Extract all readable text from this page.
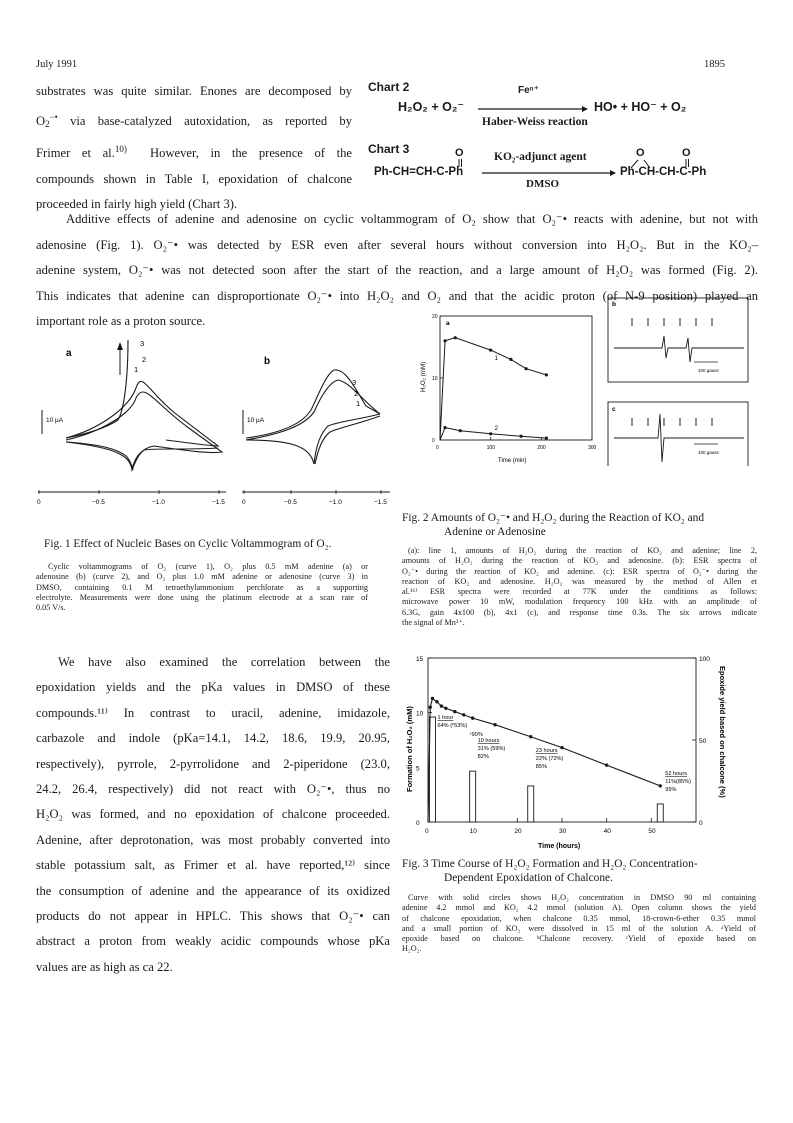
July 1991	1895
substrates was quite similar. Enones are decomposed by
$O_2^{-•}$ via base-catalyzed autoxidation, as reported by
Frimer et al.$^{10)}$ However, in the presence of the
compounds shown in Table I, epoxidation of chalcone
proceeded in fairly high yield (Chart 3).
Chart 2
H₂O₂ + O₂⁻
Feⁿ⁺
Haber-Weiss reaction
HO• + HO⁻ + O₂
Chart 3	O
Ph-CH=CH-C-Ph
KO₂-adjunct agent
DMSO
O	O
Ph-CH-CH-C-Ph
Additive effects of adenine and adenosine on cyclic voltammogram of O₂ show that O₂⁻• reacts with adenine, but not with
adenosine (Fig. 1). O₂⁻• was detected by ESR even after several hours without conversion into H₂O₂. But in the KO₂–
adenine system, O₂⁻• was not detected soon after the start of the reaction, and a large amount of H₂O₂ was formed (Fig. 2).
This indicates that adenine can disproportionate O₂⁻• into H₂O₂ and O₂ and that the acidic proton (of N-9 position) played an
important role as a proton source.
a
3
2
1
10 µA
0	−0.5	−1.0	−1.5
b
3
2
1
10 µA
0	−0.5	−1.0	−1.5
Fig. 1 Effect of Nucleic Bases on Cyclic Voltammogram of O₂.
Cyclic voltammograms of O₂ (curve 1), O₂ plus 0.5 mM adenine (a) or
adenosine (b) (curve 2), and O₂ plus 1.0 mM adenine or adenosine (curve 3) in
DMSO, containing 0.1 M tetraethylammonium perchlorate as a supporting
electrolyte. Measurements were done using the platinum electrode at a scan rate of
0.05 V/s.
a
H₂O₂ (mM)
Time (min)
0
10
20
0	100	200	300
1
2
b
100 gauss
c
100 gauss
Fig. 2 Amounts of O₂⁻• and H₂O₂ during the Reaction of KO₂ and
Adenine or Adenosine
(a): line 1, amounts of H₂O₂ during the reaction of KO₂ and adenine; line 2,
amounts of H₂O₂ during the reaction of KO₂ and adenosine. (b): ESR spectra of
O₂⁻• during the reaction of KO₂ and adenine. (c): ESR spectra of O₂⁻• during the
reaction of KO₂ and adenosine. H₂O₂ was measured by the method of Allen et
al.¹⁶⁾ ESR spectra were recorded at 77K under the conditions as follows:
microwave power 10 mW, modulation frequency 100 kHz with an amplitude of
6.3G, gain 4x100 (b), 4x1 (c), and response time 0.3s. The six arrows indicate
the signal of Mn²⁺.
We have also examined the correlation between the
epoxidation yields and the pKa values in DMSO of these
compounds.¹¹⁾ In contrast to uracil, adenine, imidazole,
carbazole and indole (pKa=14.1, 14.2, 18.6, 19.9, 20.95,
respectively), pyrrole, 2-pyrrolidone and 2-piperidone (23.0,
24.2, 26.4, respectively) did not react with O₂⁻•, thus no
H₂O₂ was formed, and no epoxidation of chalcone proceeded.
Adenine, after deprotonation, was most probably converted into
stable potassium salt, as Frimer et al. have reported,¹²⁾ since
the consumption of adenine and the appearance of its oxidized
products do not appear in HPLC. This shows that O₂⁻• can
abstract a proton from weakly acidic compounds whose pKa
values are as high as ca 22.
Formation of H₂O₂ (mM)	Epoxide yield based on chalcone (%)
Time (hours)
0
5
10
15
0
50
100
0	10	20	30	40	50
1 hour
64% (ᵇ53%)
10 hours
31% (59%)
ᶜ90%
82%
23 hours
22% (72%)
85%
52 hours
11%(85%)
99%
Fig. 3 Time Course of H₂O₂ Formation and H₂O₂ Concentration-
Dependent Epoxidation of Chalcone.
Curve with solid circles shows H₂O₂ concentration in DMSO 90 ml containing
adenine 4.2 mmol and KO₂ 4.2 mmol (solution A). Open column shows the yield
of chalcone epoxidation, when chalcone 0.35 mmol, 18-crown-6-ether 0.35 mmol
and a small portion of KO₂ were dissolved in 15 ml of the solution A. ᵃYield of
epoxide based on chalcone. ᵇChalcone recovery. ᶜYield of epoxide based on
H₂O₂.
